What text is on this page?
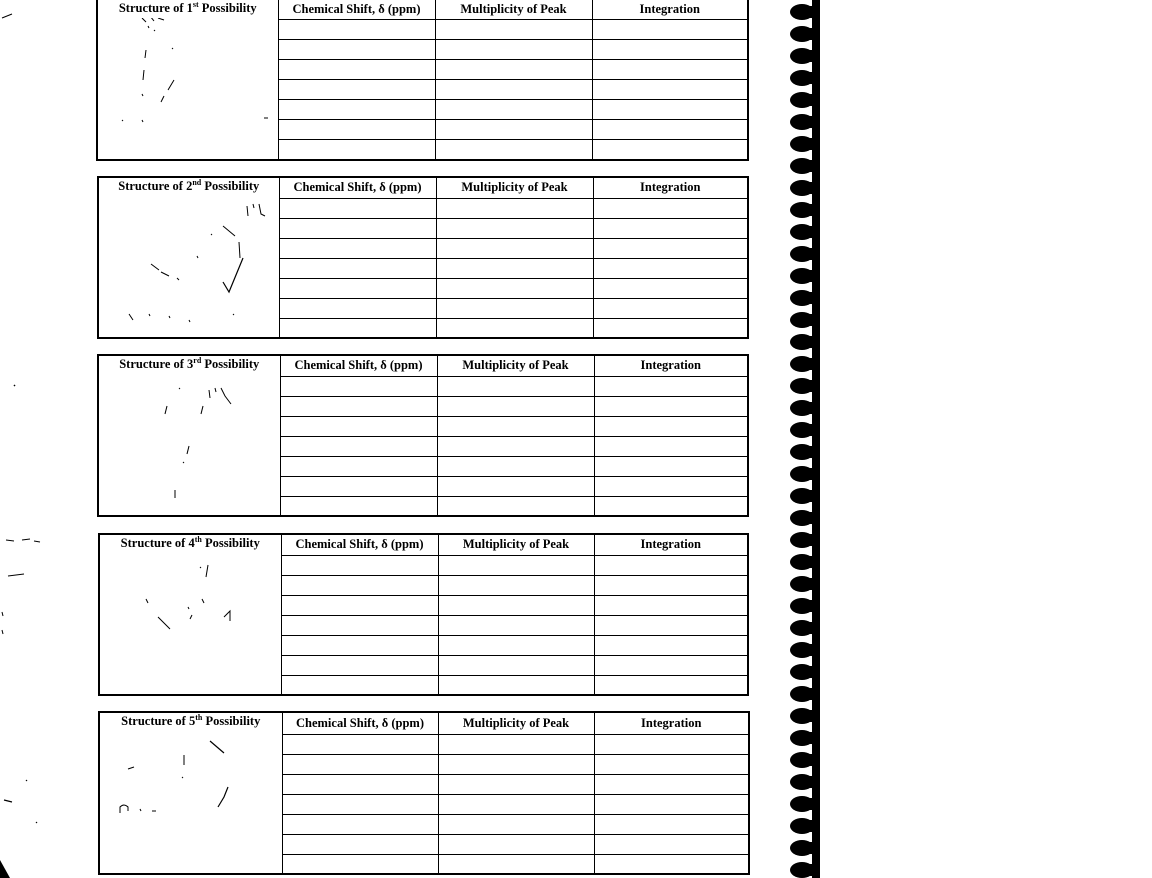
Structure of 1st Possibility	Chemical Shift, δ (ppm)	Multiplicity of Peak	Integration

Structure of 2nd Possibility	Chemical Shift, δ (ppm)	Multiplicity of Peak	Integration

Structure of 3rd Possibility	Chemical Shift, δ (ppm)	Multiplicity of Peak	Integration

Structure of 4th Possibility	Chemical Shift, δ (ppm)	Multiplicity of Peak	Integration

Structure of 5th Possibility	Chemical Shift, δ (ppm)	Multiplicity of Peak	Integration
